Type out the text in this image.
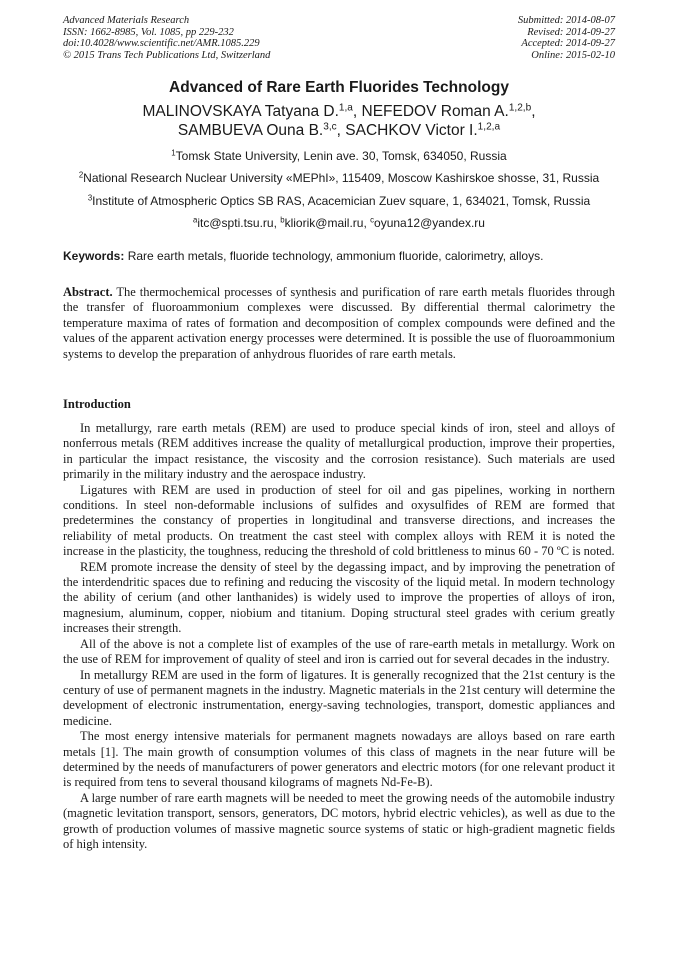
Advanced Materials Research
ISSN: 1662-8985, Vol. 1085, pp 229-232
doi:10.4028/www.scientific.net/AMR.1085.229
© 2015 Trans Tech Publications Ltd, Switzerland
Submitted: 2014-08-07
Revised: 2014-09-27
Accepted: 2014-09-27
Online: 2015-02-10
Advanced of Rare Earth Fluorides Technology
MALINOVSKAYA Tatyana D.$^{1,a}$, NEFEDOV Roman A.$^{1,2,b}$,
SAMBUEVA Ouna B.$^{3,c}$, SACHKOV Victor I.$^{1,2,a}$
$^1$Tomsk State University, Lenin ave. 30, Tomsk, 634050, Russia
$^2$National Research Nuclear University «MEPhI», 115409, Moscow Kashirskoe shosse, 31, Russia
$^3$Institute of Atmospheric Optics SB RAS, Acacemician Zuev square, 1, 634021, Tomsk, Russia
$^a$itc@spti.tsu.ru, $^b$kliorik@mail.ru, $^c$oyuna12@yandex.ru
Keywords: Rare earth metals, fluoride technology, ammonium fluoride, calorimetry, alloys.
Abstract. The thermochemical processes of synthesis and purification of rare earth metals fluorides through the transfer of fluoroammonium complexes were discussed. By differential thermal calorimetry the temperature maxima of rates of formation and decomposition of complex compounds were defined and the values of the apparent activation energy processes were determined. It is possible the use of fluoroammonium systems to develop the preparation of anhydrous fluorides of rare earth metals.
Introduction

In metallurgy, rare earth metals (REM) are used to produce special kinds of iron, steel and alloys of nonferrous metals (REM additives increase the quality of metallurgical production, improve their properties, in particular the impact resistance, the viscosity and the corrosion resistance). Such materials are used primarily in the military industry and the aerospace industry.

Ligatures with REM are used in production of steel for oil and gas pipelines, working in northern conditions. In steel non-deformable inclusions of sulfides and oxysulfides of REM are formed that predetermines the constancy of properties in longitudinal and transverse directions, and increases the reliability of metal products. On treatment the cast steel with complex alloys with REM it is noted the increase in the plasticity, the toughness, reducing the threshold of cold brittleness to minus 60 - 70 ºC is noted.

REM promote increase the density of steel by the degassing impact, and by improving the penetration of the interdendritic spaces due to refining and reducing the viscosity of the liquid metal. In modern technology the ability of cerium (and other lanthanides) is widely used to improve the properties of alloys of iron, magnesium, aluminum, copper, niobium and titanium. Doping structural steel grades with cerium greatly increases their strength.

All of the above is not a complete list of examples of the use of rare-earth metals in metallurgy. Work on the use of REM for improvement of quality of steel and iron is carried out for several decades in the industry.

In metallurgy REM are used in the form of ligatures. It is generally recognized that the 21st century is the century of use of permanent magnets in the industry. Magnetic materials in the 21st century will determine the development of electronic instrumentation, energy-saving technologies, transport, domestic appliances and medicine.

The most energy intensive materials for permanent magnets nowadays are alloys based on rare earth metals [1]. The main growth of consumption volumes of this class of magnets in the near future will be determined by the needs of manufacturers of power generators and electric motors (for one relevant product it is required from tens to several thousand kilograms of magnets Nd-Fe-B).

A large number of rare earth magnets will be needed to meet the growing needs of the automobile industry (magnetic levitation transport, sensors, generators, DC motors, hybrid electric vehicles), as well as due to the growth of production volumes of massive magnetic source systems of static or high-gradient magnetic fields of high intensity.
